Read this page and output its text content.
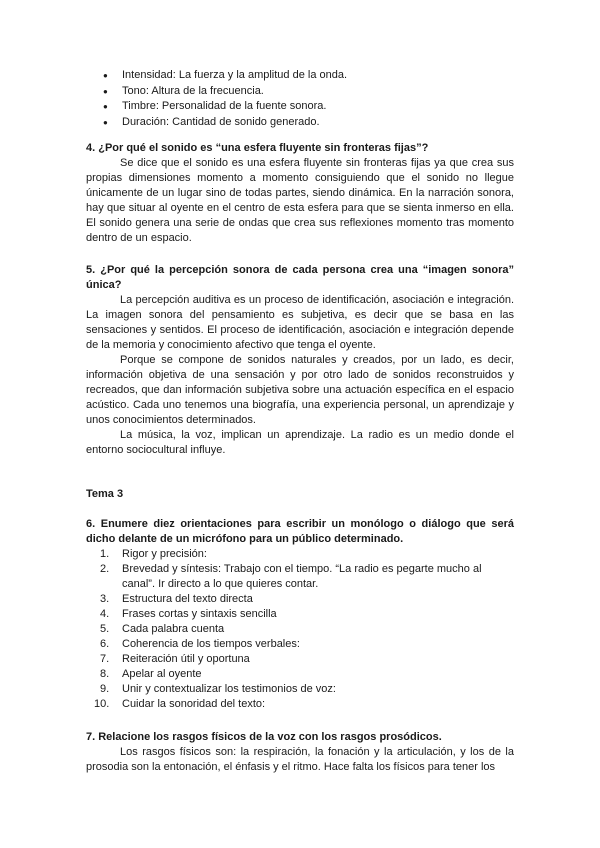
● Intensidad: La fuerza y la amplitud de la onda.
● Tono: Altura de la frecuencia.
● Timbre: Personalidad de la fuente sonora.
● Duración: Cantidad de sonido generado.
4. ¿Por qué el sonido es “una esfera fluyente sin fronteras fijas”?

Se dice que el sonido es una esfera fluyente sin fronteras fijas ya que crea sus propias dimensiones momento a momento consiguiendo que el sonido no llegue únicamente de un lugar sino de todas partes, siendo dinámica. En la narración sonora, hay que situar al oyente en el centro de esta esfera para que se sienta inmerso en ella. El sonido genera una serie de ondas que crea sus reflexiones momento tras momento dentro de un espacio.

5. ¿Por qué la percepción sonora de cada persona crea una “imagen sonora” única?

La percepción auditiva es un proceso de identificación, asociación e integración. La imagen sonora del pensamiento es subjetiva, es decir que se basa en las sensaciones y sentidos. El proceso de identificación, asociación e integración depende de la memoria y conocimiento afectivo que tenga el oyente.

Porque se compone de sonidos naturales y creados, por un lado, es decir, información objetiva de una sensación y por otro lado de sonidos reconstruidos y recreados, que dan información subjetiva sobre una actuación específica en el espacio acústico. Cada uno tenemos una biografía, una experiencia personal, un aprendizaje y unos conocimientos determinados.

La música, la voz, implican un aprendizaje. La radio es un medio donde el entorno sociocultural influye.

Tema 3
6. Enumere diez orientaciones para escribir un monólogo o diálogo que será dicho delante de un micrófono para un público determinado.
1. Rigor y precisión:
2. Brevedad y síntesis: Trabajo con el tiempo. “La radio es pegarte mucho al canal”. Ir directo a lo que quieres contar.
3. Estructura del texto directa
4. Frases cortas y sintaxis sencilla
5. Cada palabra cuenta
6. Coherencia de los tiempos verbales:
7. Reiteración útil y oportuna
8. Apelar al oyente
9. Unir y contextualizar los testimonios de voz:
10. Cuidar la sonoridad del texto:
7. Relacione los rasgos físicos de la voz con los rasgos prosódicos.

Los rasgos físicos son: la respiración, la fonación y la articulación, y los de la prosodia son la entonación, el énfasis y el ritmo. Hace falta los físicos para tener los
